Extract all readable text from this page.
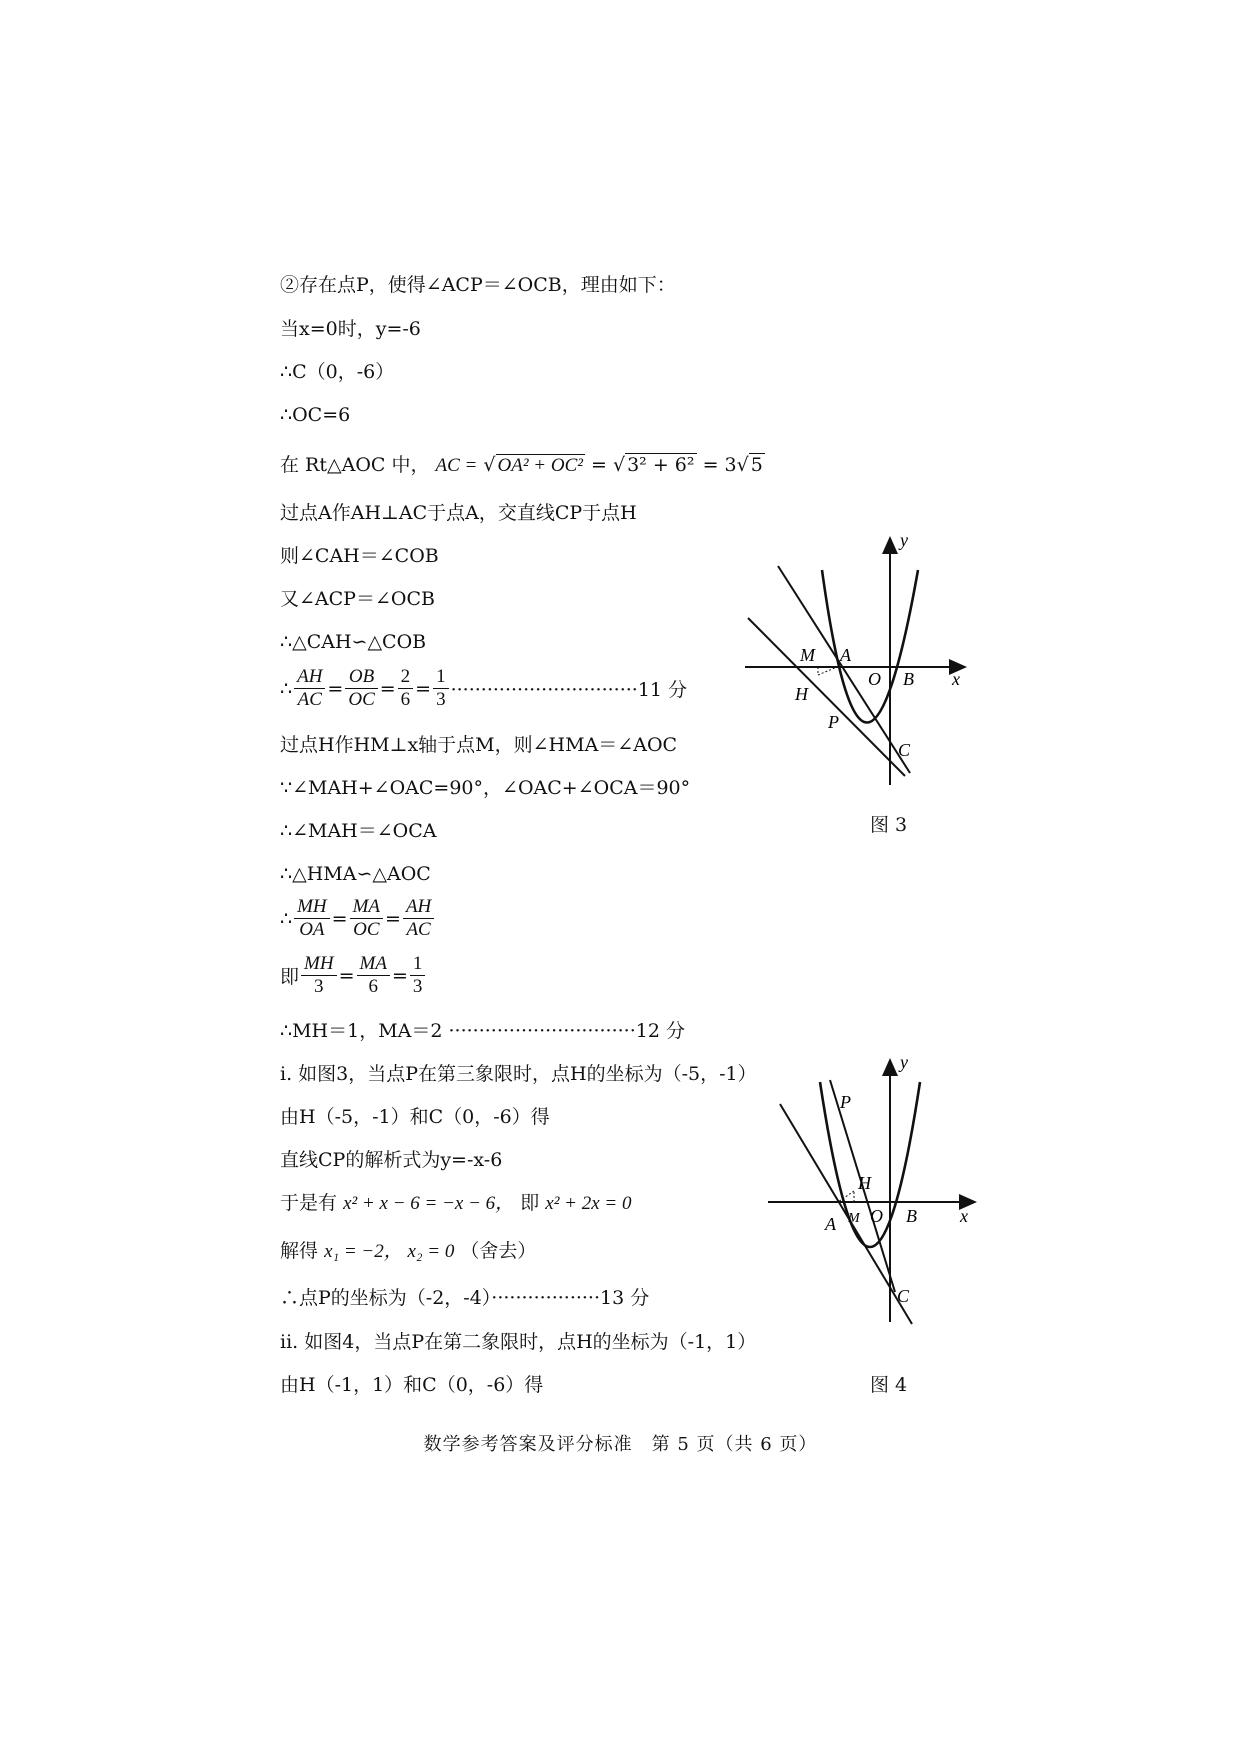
②存在点P，使得∠ACP＝∠OCB，理由如下：
当x=0时，y=-6
∴C（0，-6）
∴OC=6
在 Rt△AOC 中， AC = √ OA² + OC² = √ 3² + 6² = 3√ 5
过点A作AH⊥AC于点A，交直线CP于点H
则∠CAH＝∠COB
又∠ACP＝∠OCB
∴△CAH∽△COB
∴ $\frac{AH}{AC} = \frac{OB}{OC} = \frac{2}{6} = \frac{1}{3} \cdot\cdot\cdot\cdot\cdot\cdot\cdot\cdot\cdot\cdot\cdot\cdot\cdot\cdot\cdot\cdot\cdot\cdot\cdot\cdot\cdot\cdot\cdot\cdot\cdot\cdot\cdot\cdot\cdot\cdot\cdot 11$ 分
过点H作HM⊥x轴于点M，则∠HMA＝∠AOC
∵∠MAH+∠OAC=90°，∠OAC+∠OCA＝90°
∴∠MAH＝∠OCA
∴△HMA∽△AOC
∴ $\frac{MH}{OA} = \frac{MA}{OC} = \frac{AH}{AC}$
即 $\frac{MH}{3} = \frac{MA}{6} = \frac{1}{3}$
∴MH＝1，MA＝2 ·······························12 分
i. 如图3，当点P在第三象限时，点H的坐标为（-5，-1）
由H（-5，-1）和C（0，-6）得
直线CP的解析式为y=-x-6
于是有 x² + x − 6 = −x − 6， 即 x² + 2x = 0
解得 x₁ = −2， x₂ = 0 （舍去）
∴点P的坐标为（-2，-4）··················13 分
ii. 如图4，当点P在第二象限时，点H的坐标为（-1，1）
由H（-1，1）和C（0，-6）得
M A
O B x
y
H
P
C
图 3
A M O B x
y
P
H
C
图 4
数学参考答案及评分标准　第 5 页（共 6 页）
